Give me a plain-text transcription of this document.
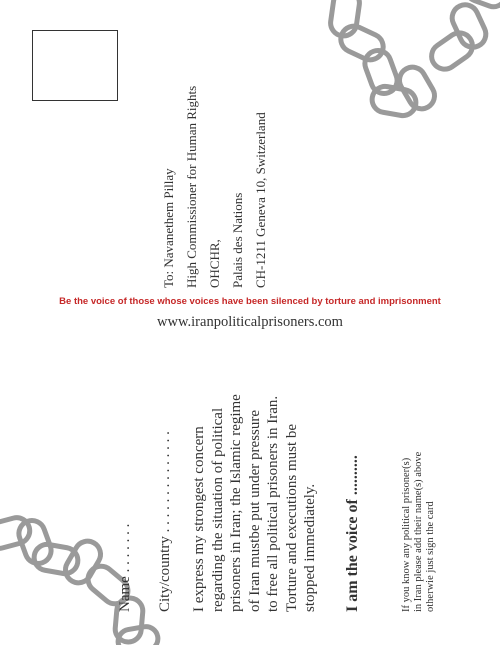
To: Navanethem Pillay High Commissioner for Human Rights OHCHR, Palais des Nations CH-1211 Geneva 10, Switzerland
Be the voice of those whose voices have been silenced by torture and imprisonment
www.iranpoliticalprisoners.com
Name . . . . . . . City/country . . . . . . . . . . . . . . I express my strongest concern regarding the situation of political prisoners in Iran; the Islamic regime of Iran mustbe put under pressure to free all political prisoners in Iran. Torture and executions must be stopped immediately. I am the voice of ..........	If you know any political prisoner(s) in Iran please add their name(s) above otherwie just sign the card
